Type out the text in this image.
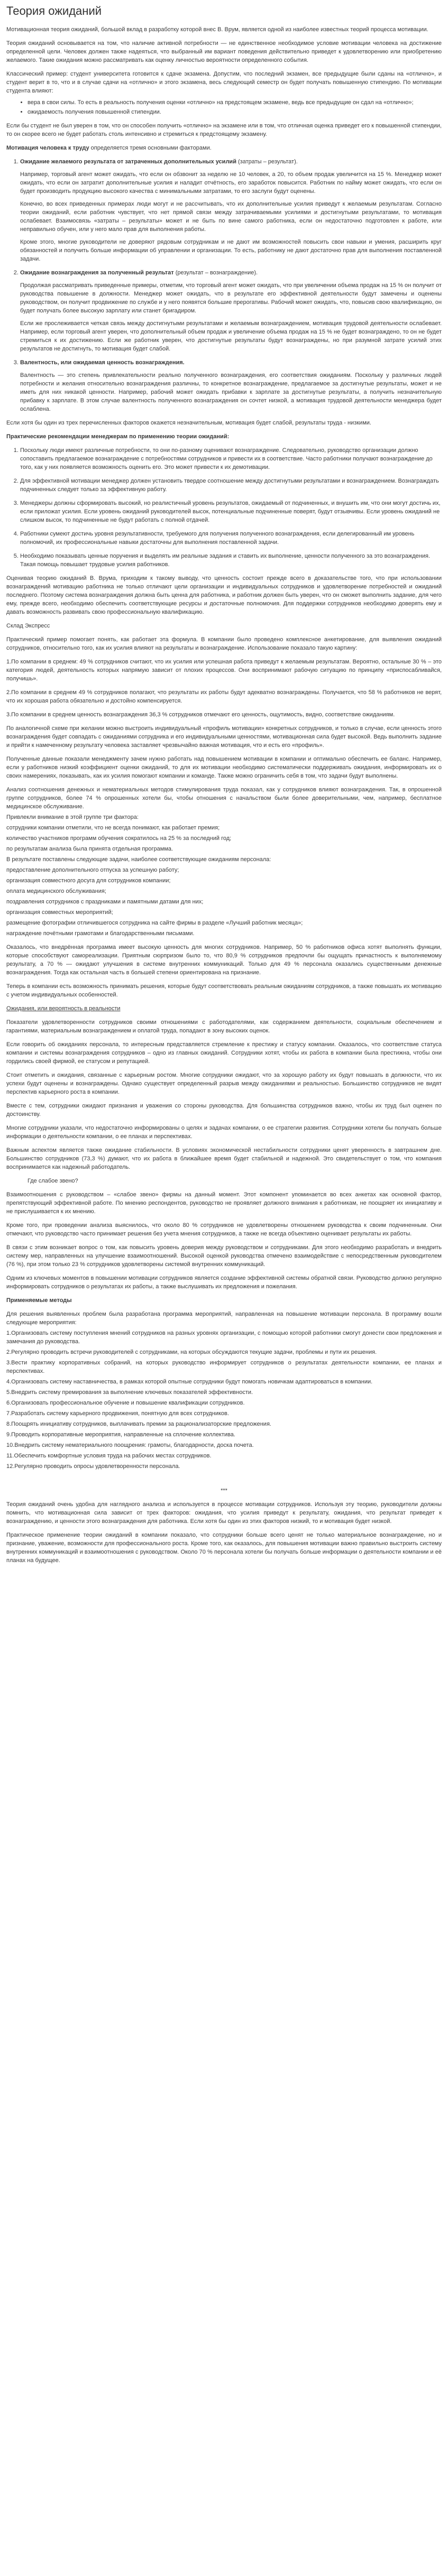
Теория ожиданий

Мотивационная теория ожиданий, большой вклад в разработку которой внес В. Врум, является одной из наиболее известных теорий процесса мотивации.

Теория ожиданий основывается на том, что наличие активной потребности — не единственное необходимое условие мотивации человека на достижение определенной цели. Человек должен также надеяться, что выбранный им вариант поведения действительно приведет к удовлетворению или приобретению желаемого. Такие ожидания можно рассматривать как оценку личностью вероятности определенного события.

Классический пример: студент университета готовится к сдаче экзамена. Допустим, что последний экзамен, все предыдущие были сданы на «отлично», и студент верит в то, что и в случае сдачи на «отлично» и этого экзамена, весь следующий семестр он будет получать повышенную стипендию. По мотивации студента влияют:

• вера в свои силы. То есть в реальность получения оценки «отлично» на предстоящем экзамене, ведь все предыдущие он сдал на «отлично»;
• ожидаемость получения повышенной стипендии.

Если бы студент не был уверен в том, что он способен получить «отлично» на экзамене или в том, что отличная оценка приведет его к повышенной стипендии, то он скорее всего не будет работать столь интенсивно и стремиться к предстоящему экзамену.

Мотивация человека к труду определяется тремя основными факторами.

1. Ожидание желаемого результата от затраченных дополнительных усилий (затраты – результат).

Например, торговый агент может ожидать, что если он обзвонит за неделю не 10 человек, а 20, то объем продаж увеличится на 15 %. Менеджер может ожидать, что если он затратит дополнительные усилия и наладит отчётность, его заработок повысится. Работник по найму может ожидать, что если он будет производить продукцию высокого качества с минимальными затратами, то его заслуги будут оценены.

Конечно, во всех приведенных примерах люди могут и не рассчитывать, что их дополнительные усилия приведут к желаемым результатам. Согласно теории ожиданий, если работник чувствует, что нет прямой связи между затрачиваемыми усилиями и достигнутыми результатами, то мотивация ослабевает. Взаимосвязь «затраты – результаты» может и не быть по вине самого работника, если он недостаточно подготовлен к работе, или неправильно обучен, или у него мало прав для выполнения работы.

Кроме этого, многие руководители не доверяют рядовым сотрудникам и не дают им возможностей повысить свои навыки и умения, расширить круг обязанностей и получить больше информации об управлении и организации. То есть, работнику не дают достаточно прав для выполнения поставленной задачи.

2. Ожидание вознаграждения за полученный результат (результат – вознаграждение).

Продолжая рассматривать приведенные примеры, отметим, что торговый агент может ожидать, что при увеличении объема продаж на 15 % он получит от руководства повышение в должности. Менеджер может ожидать, что в результате его эффективной деятельности будут замечены и оценены руководством, он получит продвижение по службе и у него появятся большие прерогативы. Рабочий может ожидать, что, повысив свою квалификацию, он будет получать более высокую зарплату или станет бригадиром.

Если же прослеживается четкая связь между достигнутыми результатами и желаемым вознаграждением, мотивация трудовой деятельности ослабевает. Например, если торговый агент уверен, что дополнительный объем продаж и увеличение объема продаж на 15 % не будет вознаграждено, то он не будет стремиться к их достижению. Если же работник уверен, что достигнутые результаты будут вознаграждены, но при разумной затрате усилий этих результатов не достигнуть, то мотивация будет слабой.

3. Валентность, или ожидаемая ценность вознаграждения.

Валентность — это степень привлекательности реально полученного вознаграждения, его соответствия ожиданиям. Поскольку у различных людей потребности и желания относительно вознаграждения различны, то конкретное вознаграждение, предлагаемое за достигнутые результаты, может и не иметь для них никакой ценности. Например, рабочий может ожидать прибавки к зарплате за достигнутые результаты, а получить незначительную прибавку к зарплате. В этом случае валентность полученного вознаграждения он сочтет низкой, а мотивация трудовой деятельности менеджера будет ослаблена.

Если хотя бы один из трех перечисленных факторов окажется незначительным, мотивация будет слабой, результаты труда - низкими.

Практические рекомендации менеджерам по применению теории ожиданий:

1. Поскольку люди имеют различные потребности, то они по-разному оценивают вознаграждение. Следовательно, руководство организации должно сопоставить предлагаемое вознаграждение с потребностями сотрудников и привести их в соответствие. Часто работники получают вознаграждение до того, как у них появляется возможность оценить его. Это может привести к их демотивации.
2. Для эффективной мотивации менеджер должен установить твердое соотношение между достигнутыми результатами и вознаграждением. Вознаграждать подчиненных следует только за эффективную работу.
3. Менеджеры должны сформировать высокий, но реалистичный уровень результатов, ожидаемый от подчиненных, и внушить им, что они могут достичь их, если приложат усилия. Если уровень ожиданий руководителей высок, потенциальные подчиненные поверят, будут отзывчивы. Если уровень ожиданий не слишком высок, то подчиненные не будут работать с полной отдачей.
4. Работники сумеют достичь уровня результативности, требуемого для получения полученного вознаграждения, если делегированный им уровень полномочий, их профессиональные навыки достаточны для выполнения поставленной задачи.
5. Необходимо показывать ценные поручения и выделять им реальные задания и ставить их выполнение, ценности полученного за это вознаграждения. Такая помощь повышает трудовые усилия работников.

Оценивая теорию ожиданий В. Врума, приходим к такому выводу, что ценность состоит прежде всего в доказательстве того, что при использовании вознаграждений мотивацию работника не только отличают цели организации и индивидуальных сотрудников и удовлетворение потребностей и ожиданий последнего. Поэтому система вознаграждения должна быть ценна для работника, и работник должен быть уверен, что он сможет выполнить задание, для чего ему, прежде всего, необходимо обеспечить соответствующие ресурсы и достаточные полномочия. Для поддержки сотрудников необходимо доверять ему и давать возможность развивать свою профессиональную квалификацию.

Склад Экспресс

Практический пример помогает понять, как работает эта формула. В компании было проведено комплексное анкетирование, для выявления ожиданий сотрудников, относительно того, как их усилия влияют на результаты и вознаграждение. Использование показало такую картину:

1.По компании в среднем: 49 % сотрудников считают, что их усилия или успешная работа приведут к желаемым результатам. Вероятно, остальные 30 % – это категория людей, деятельность которых напрямую зависит от плохих процессов. Они воспринимают рабочую ситуацию по принципу «приспосабливайся, получишь».

2.По компании в среднем 49 % сотрудников полагают, что результаты их работы будут адекватно вознаграждены. Получается, что 58 % работников не верят, что их хорошая работа обязательно и достойно компенсируется.

3.По компании в среднем ценность вознаграждения 36,3 % сотрудников отмечают его ценность, ощутимость, видно, соответствие ожиданиям.

По аналогичной схеме при желании можно выстроить индивидуальный «профиль мотивации» конкретных сотрудников, и только в случае, если ценность этого вознаграждения будет совпадать с ожиданиями сотрудника и его индивидуальными ценностями, мотивационная сила будет высокой. Ведь выполнить задание и прийти к намеченному результату человека заставляет чрезвычайно важная мотивация, что и есть его «профиль».

Полученные данные показали менеджменту зачем нужно работать над повышением мотивации в компании и оптимально обеспечить ее баланс. Например, если у работников низкий коэффициент оценки ожиданий, то для их мотивации необходимо систематически поддерживать ожидания, информировать их о своих намерениях, показывать, как их усилия помогают компании и команде. Также можно ограничить себя в том, что задачи будут выполнены.

Анализ соотношения денежных и нематериальных методов стимулирования труда показал, как у сотрудников влияют вознаграждения. Так, в опрошенной группе сотрудников, более 74 % опрошенных хотели бы, чтобы отношения с начальством были более доверительными, чем, например, бесплатное медицинское обслуживание.

Привлекли внимание в этой группе три фактора:

сотрудники компании отметили, что не всегда понимают, как работает премия;

количество участников программ обучения сократилось на 25 % за последний год;

по результатам анализа была принята отдельная программа.

В результате поставлены следующие задачи, наиболее соответствующие ожиданиям персонала:

предоставление дополнительного отпуска за успешную работу;

организация совместного досуга для сотрудников компании;

оплата медицинского обслуживания;

поздравления сотрудников с праздниками и памятными датами для них;

организация совместных мероприятий;

размещение фотографии отличившегося сотрудника на сайте фирмы в разделе «Лучший работник месяца»;

награждение почётными грамотами и благодарственными письмами.

Оказалось, что внедрённая программа имеет высокую ценность для многих сотрудников. Например, 50 % работников офиса хотят выполнять функции, которые способствуют самореализации. Приятным сюрпризом было то, что 80,9 % сотрудников предпочли бы ощущать причастность к выполняемому результату, а 70 % — ожидают улучшения в системе внутренних коммуникаций. Только для 49 % персонала оказались существенными денежные вознаграждения. Тогда как остальная часть в большей степени ориентирована на признание.

Теперь в компании есть возможность принимать решения, которые будут соответствовать реальным ожиданиям сотрудников, а также повышать их мотивацию с учетом индивидуальных особенностей.

Ожидания, или вероятность в реальности

Показатели удовлетворенности сотрудников своими отношениями с работодателями, как содержанием деятельности, социальным обеспечением и гарантиями, материальным вознаграждением и оплатой труда, попадают в зону высоких оценок.

Если говорить об ожиданиях персонала, то интересным представляется стремление к престижу и статусу компании. Оказалось, что соответствие статуса компании и системы вознаграждения сотрудников – одно из главных ожиданий. Сотрудники хотят, чтобы их работа в компании была престижна, чтобы они гордились своей фирмой, ее статусом и репутацией.

Стоит отметить и ожидания, связанные с карьерным ростом. Многие сотрудники ожидают, что за хорошую работу их будут повышать в должности, что их успехи будут оценены и вознаграждены. Однако существует определенный разрыв между ожиданиями и реальностью. Большинство сотрудников не видят перспектив карьерного роста в компании.

Вместе с тем, сотрудники ожидают признания и уважения со стороны руководства. Для большинства сотрудников важно, чтобы их труд был оценен по достоинству.

Многие сотрудники указали, что недостаточно информированы о целях и задачах компании, о ее стратегии развития. Сотрудники хотели бы получать больше информации о деятельности компании, о ее планах и перспективах.

Важным аспектом является также ожидание стабильности. В условиях экономической нестабильности сотрудники ценят уверенность в завтрашнем дне. Большинство сотрудников (73,3 %) думают, что их работа в ближайшее время будет стабильной и надежной. Это свидетельствует о том, что компания воспринимается как надежный работодатель.

Где слабое звено?

Взаимоотношения с руководством – «слабое звено» фирмы на данный момент. Этот компонент упоминается во всех анкетах как основной фактор, препятствующий эффективной работе. По мнению респондентов, руководство не проявляет должного внимания к работникам, не поощряет их инициативу и не прислушивается к их мнению.

Кроме того, при проведении анализа выяснилось, что около 80 % сотрудников не удовлетворены отношением руководства к своим подчиненным. Они отмечают, что руководство часто принимает решения без учета мнения сотрудников, а также не всегда объективно оценивает результаты их работы.

В связи с этим возникает вопрос о том, как повысить уровень доверия между руководством и сотрудниками. Для этого необходимо разработать и внедрить систему мер, направленных на улучшение взаимоотношений. Высокой оценкой руководства отмечено взаимодействие с непосредственным руководителем (76 %), при этом только 23 % сотрудников удовлетворены системой внутренних коммуникаций.

Одним из ключевых моментов в повышении мотивации сотрудников является создание эффективной системы обратной связи. Руководство должно регулярно информировать сотрудников о результатах их работы, а также выслушивать их предложения и пожелания.

Применяемые методы

Для решения выявленных проблем была разработана программа мероприятий, направленная на повышение мотивации персонала. В программу вошли следующие мероприятия:

1.Организовать систему поступления мнений сотрудников на разных уровнях организации, с помощью которой работники смогут донести свои предложения и замечания до руководства.

2.Регулярно проводить встречи руководителей с сотрудниками, на которых обсуждаются текущие задачи, проблемы и пути их решения.

3.Вести практику корпоративных собраний, на которых руководство информирует сотрудников о результатах деятельности компании, ее планах и перспективах.

4.Организовать систему наставничества, в рамках которой опытные сотрудники будут помогать новичкам адаптироваться в компании.

5.Внедрить систему премирования за выполнение ключевых показателей эффективности.

6.Организовать профессиональное обучение и повышение квалификации сотрудников.

7.Разработать систему карьерного продвижения, понятную для всех сотрудников.

8.Поощрять инициативу сотрудников, выплачивать премии за рационализаторские предложения.

9.Проводить корпоративные мероприятия, направленные на сплочение коллектива.

10.Внедрить систему нематериального поощрения: грамоты, благодарности, доска почета.

11.Обеспечить комфортные условия труда на рабочих местах сотрудников.

12.Регулярно проводить опросы удовлетворенности персонала.

***

Теория ожиданий очень удобна для наглядного анализа и используется в процессе мотивации сотрудников. Используя эту теорию, руководители должны помнить, что мотивационная сила зависит от трех факторов: ожидания, что усилия приведут к результату, ожидания, что результат приведет к вознаграждению, и ценности этого вознаграждения для работника. Если хотя бы один из этих факторов низкий, то и мотивация будет низкой.

Практическое применение теории ожиданий в компании показало, что сотрудники больше всего ценят не только материальное вознаграждение, но и признание, уважение, возможности для профессионального роста. Кроме того, как оказалось, для повышения мотивации важно правильно выстроить систему внутренних коммуникаций и взаимоотношения с руководством. Около 70 % персонала хотели бы получать больше информации о деятельности компании и её планах на будущее.
